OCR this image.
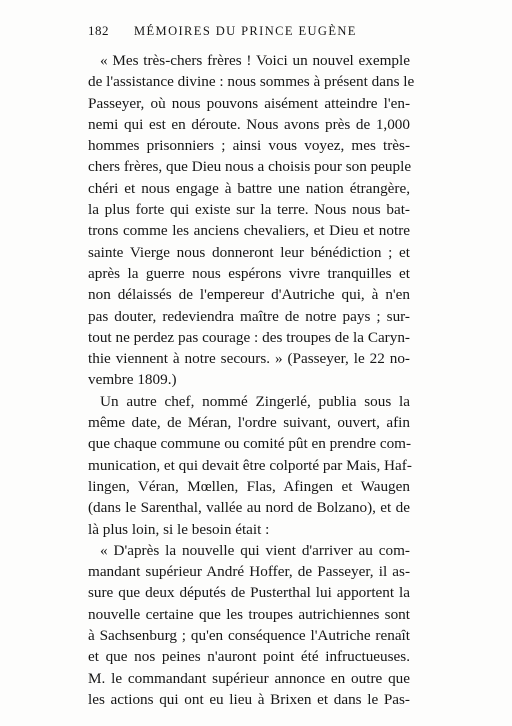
182 MÉMOIRES DU PRINCE EUGÈNE
« Mes très-chers frères ! Voici un nouvel exemple
de l'assistance divine : nous sommes à présent dans le
Passeyer, où nous pouvons aisément atteindre l'en-
nemi qui est en déroute. Nous avons près de 1,000
hommes prisonniers ; ainsi vous voyez, mes très-
chers frères, que Dieu nous a choisis pour son peuple
chéri et nous engage à battre une nation étrangère,
la plus forte qui existe sur la terre. Nous nous bat-
trons comme les anciens chevaliers, et Dieu et notre
sainte Vierge nous donneront leur bénédiction ; et
après la guerre nous espérons vivre tranquilles et
non délaissés de l'empereur d'Autriche qui, à n'en
pas douter, redeviendra maître de notre pays ; sur-
tout ne perdez pas courage : des troupes de la Caryn-
thie viennent à notre secours. » (Passeyer, le 22 no-
vembre 1809.)
Un autre chef, nommé Zingerlé, publia sous la
même date, de Méran, l'ordre suivant, ouvert, afin
que chaque commune ou comité pût en prendre com-
munication, et qui devait être colporté par Mais, Haf-
lingen, Véran, Mœllen, Flas, Afingen et Waugen
(dans le Sarenthal, vallée au nord de Bolzano), et de
là plus loin, si le besoin était :
« D'après la nouvelle qui vient d'arriver au com-
mandant supérieur André Hoffer, de Passeyer, il as-
sure que deux députés de Pusterthal lui apportent la
nouvelle certaine que les troupes autrichiennes sont
à Sachsenburg ; qu'en conséquence l'Autriche renaît
et que nos peines n'auront point été infructueuses.
M. le commandant supérieur annonce en outre que
les actions qui ont eu lieu à Brixen et dans le Pas-
